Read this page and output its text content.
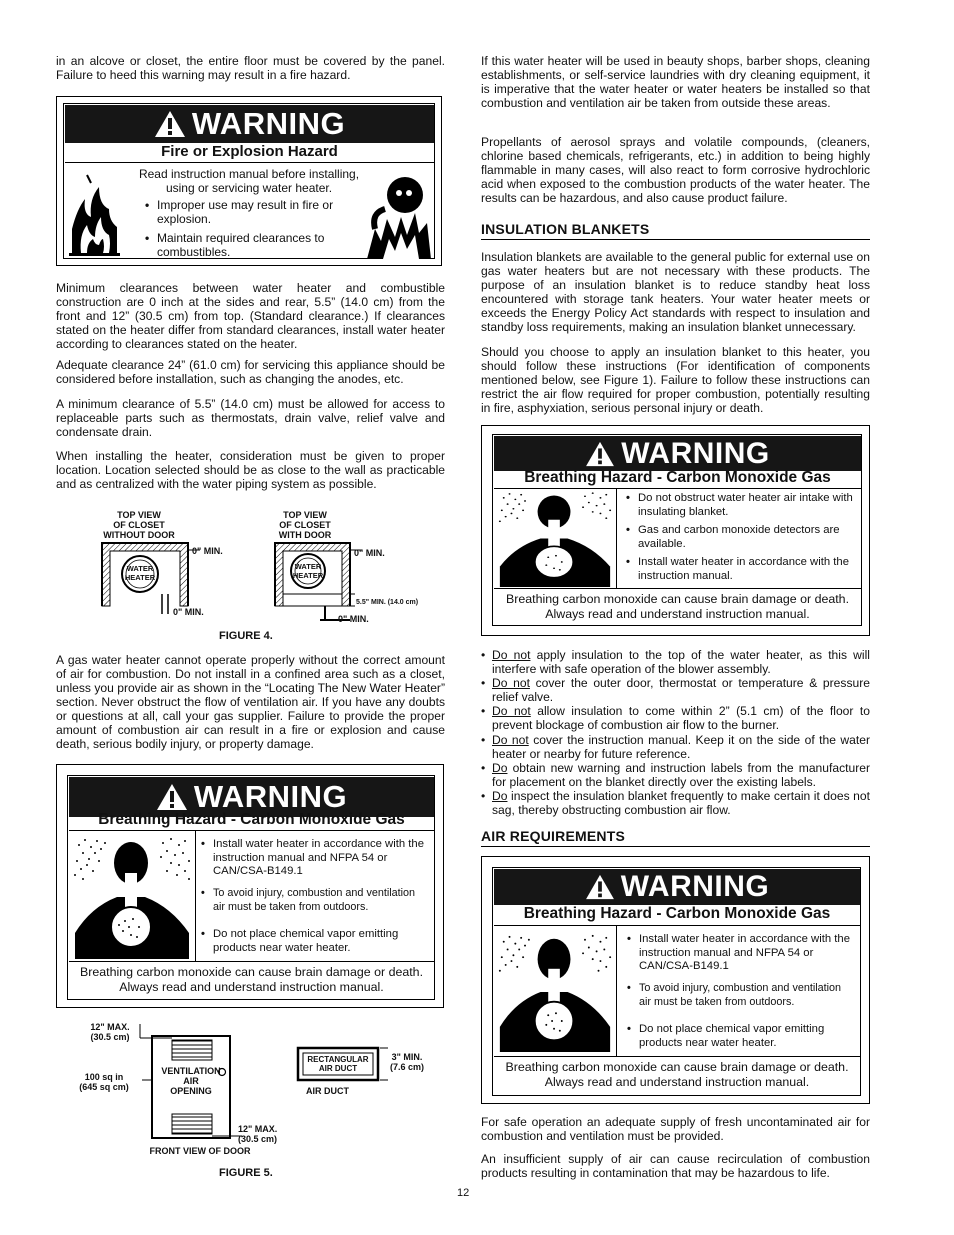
in an alcove or closet, the entire floor must be covered by the panel. Failure to heed this warning may result in a fire hazard.

WARNING
Fire or Explosion Hazard
Read instruction manual before installing, using or servicing water heater.
• Improper use may result in fire or explosion.
• Maintain required clearances to combustibles.

Minimum clearances between water heater and combustible construction are 0 inch at the sides and rear, 5.5” (14.0 cm) from the front and 12” (30.5 cm) from top. (Standard clearance.) If clearances stated on the heater differ from standard clearances, install water heater according to clearances stated on the heater.

Adequate clearance 24” (61.0 cm) for servicing this appliance should be considered before installation, such as changing the anodes, etc.

A minimum clearance of 5.5” (14.0 cm) must be allowed for access to replaceable parts such as thermostats, drain valve, relief valve and condensate drain.

When installing the heater, consideration must be given to proper location. Location selected should be as close to the wall as practicable and as centralized with the water piping system as possible.

TOP VIEW
OF CLOSET
WITHOUT DOOR
TOP VIEW
OF CLOSET
WITH DOOR
WATER
HEATER
WATER
HEATER
0" MIN.
0" MIN.
0" MIN.
5.5" MIN. (14.0 cm)
0" MIN.
FIGURE 4.

A gas water heater cannot operate properly without the correct amount of air for combustion. Do not install in a confined area such as a closet, unless you provide air as shown in the “Locating The New Water Heater” section. Never obstruct the flow of ventilation air. If you have any doubts or questions at all, call your gas supplier. Failure to provide the proper amount of combustion air can result in a fire or explosion and cause death, serious bodily injury, or property damage.

WARNING
Breathing Hazard - Carbon Monoxide Gas
• Install water heater in accordance with the instruction manual and NFPA 54 or CAN/CSA-B149.1
• To avoid injury, combustion and ventilation air must be taken from outdoors.
• Do not place chemical vapor emitting products near water heater.
Breathing carbon monoxide can cause brain damage or death. Always read and understand instruction manual.
12" MAX.
(30.5 cm)
100 sq in
(645 sq cm)
VENTILATION
AIR
OPENING
12" MAX.
(30.5 cm)
FRONT VIEW OF DOOR
RECTANGULAR
AIR DUCT
3" MIN.
(7.6 cm)
AIR DUCT
FIGURE 5.

If this water heater will be used in beauty shops, barber shops, cleaning establishments, or self-service laundries with dry cleaning equipment, it is imperative that the water heater or water heaters be installed so that combustion and ventilation air be taken from outside these areas.

Propellants of aerosol sprays and volatile compounds, (cleaners, chlorine based chemicals, refrigerants, etc.) in addition to being highly flammable in many cases, will also react to form corrosive hydrochloric acid when exposed to the combustion products of the water heater. The results can be hazardous, and also cause product failure.

INSULATION BLANKETS

Insulation blankets are available to the general public for external use on gas water heaters but are not necessary with these products. The purpose of an insulation blanket is to reduce standby heat loss encountered with storage tank heaters. Your water heater meets or exceeds the Energy Policy Act standards with respect to insulation and standby loss requirements, making an insulation blanket unnecessary.

Should you choose to apply an insulation blanket to this heater, you should follow these instructions (For identification of components mentioned below, see Figure 1). Failure to follow these instructions can restrict the air flow required for proper combustion, potentially resulting in fire, asphyxiation, serious personal injury or death.

WARNING
Breathing Hazard - Carbon Monoxide Gas
• Do not obstruct water heater air intake with insulating blanket.
• Gas and carbon monoxide detectors are available.
• Install water heater in accordance with the instruction manual.
Breathing carbon monoxide can cause brain damage or death. Always read and understand instruction manual.
• Do not apply insulation to the top of the water heater, as this will interfere with safe operation of the blower assembly.
• Do not cover the outer door, thermostat or temperature & pressure relief valve.
• Do not allow insulation to come within 2” (5.1 cm) of the floor to prevent blockage of combustion air flow to the burner.
• Do not cover the instruction manual. Keep it on the side of the water heater or nearby for future reference.
• Do obtain new warning and instruction labels from the manufacturer for placement on the blanket directly over the existing labels.
• Do inspect the insulation blanket frequently to make certain it does not sag, thereby obstructing combustion air flow.
AIR REQUIREMENTS
WARNING
Breathing Hazard - Carbon Monoxide Gas
• Install water heater in accordance with the instruction manual and NFPA 54 or CAN/CSA-B149.1
• To avoid injury, combustion and ventilation air must be taken from outdoors.
• Do not place chemical vapor emitting products near water heater.
Breathing carbon monoxide can cause brain damage or death. Always read and understand instruction manual.

For safe operation an adequate supply of fresh uncontaminated air for combustion and ventilation must be provided.

An insufficient supply of air can cause recirculation of combustion products resulting in contamination that may be hazardous to life.

12
